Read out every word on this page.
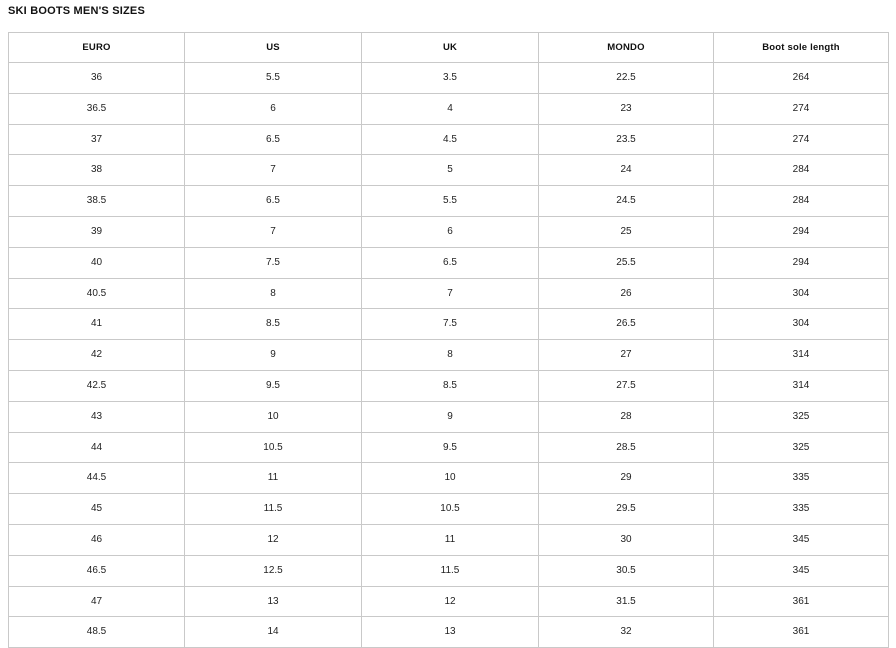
SKI BOOTS MEN'S SIZES
EURO	US	UK	MONDO	Boot sole length
36	5.5	3.5	22.5	264
36.5	6	4	23	274
37	6.5	4.5	23.5	274
38	7	5	24	284
38.5	6.5	5.5	24.5	284
39	7	6	25	294
40	7.5	6.5	25.5	294
40.5	8	7	26	304
41	8.5	7.5	26.5	304
42	9	8	27	314
42.5	9.5	8.5	27.5	314
43	10	9	28	325
44	10.5	9.5	28.5	325
44.5	11	10	29	335
45	11.5	10.5	29.5	335
46	12	11	30	345
46.5	12.5	11.5	30.5	345
47	13	12	31.5	361
48.5	14	13	32	361
